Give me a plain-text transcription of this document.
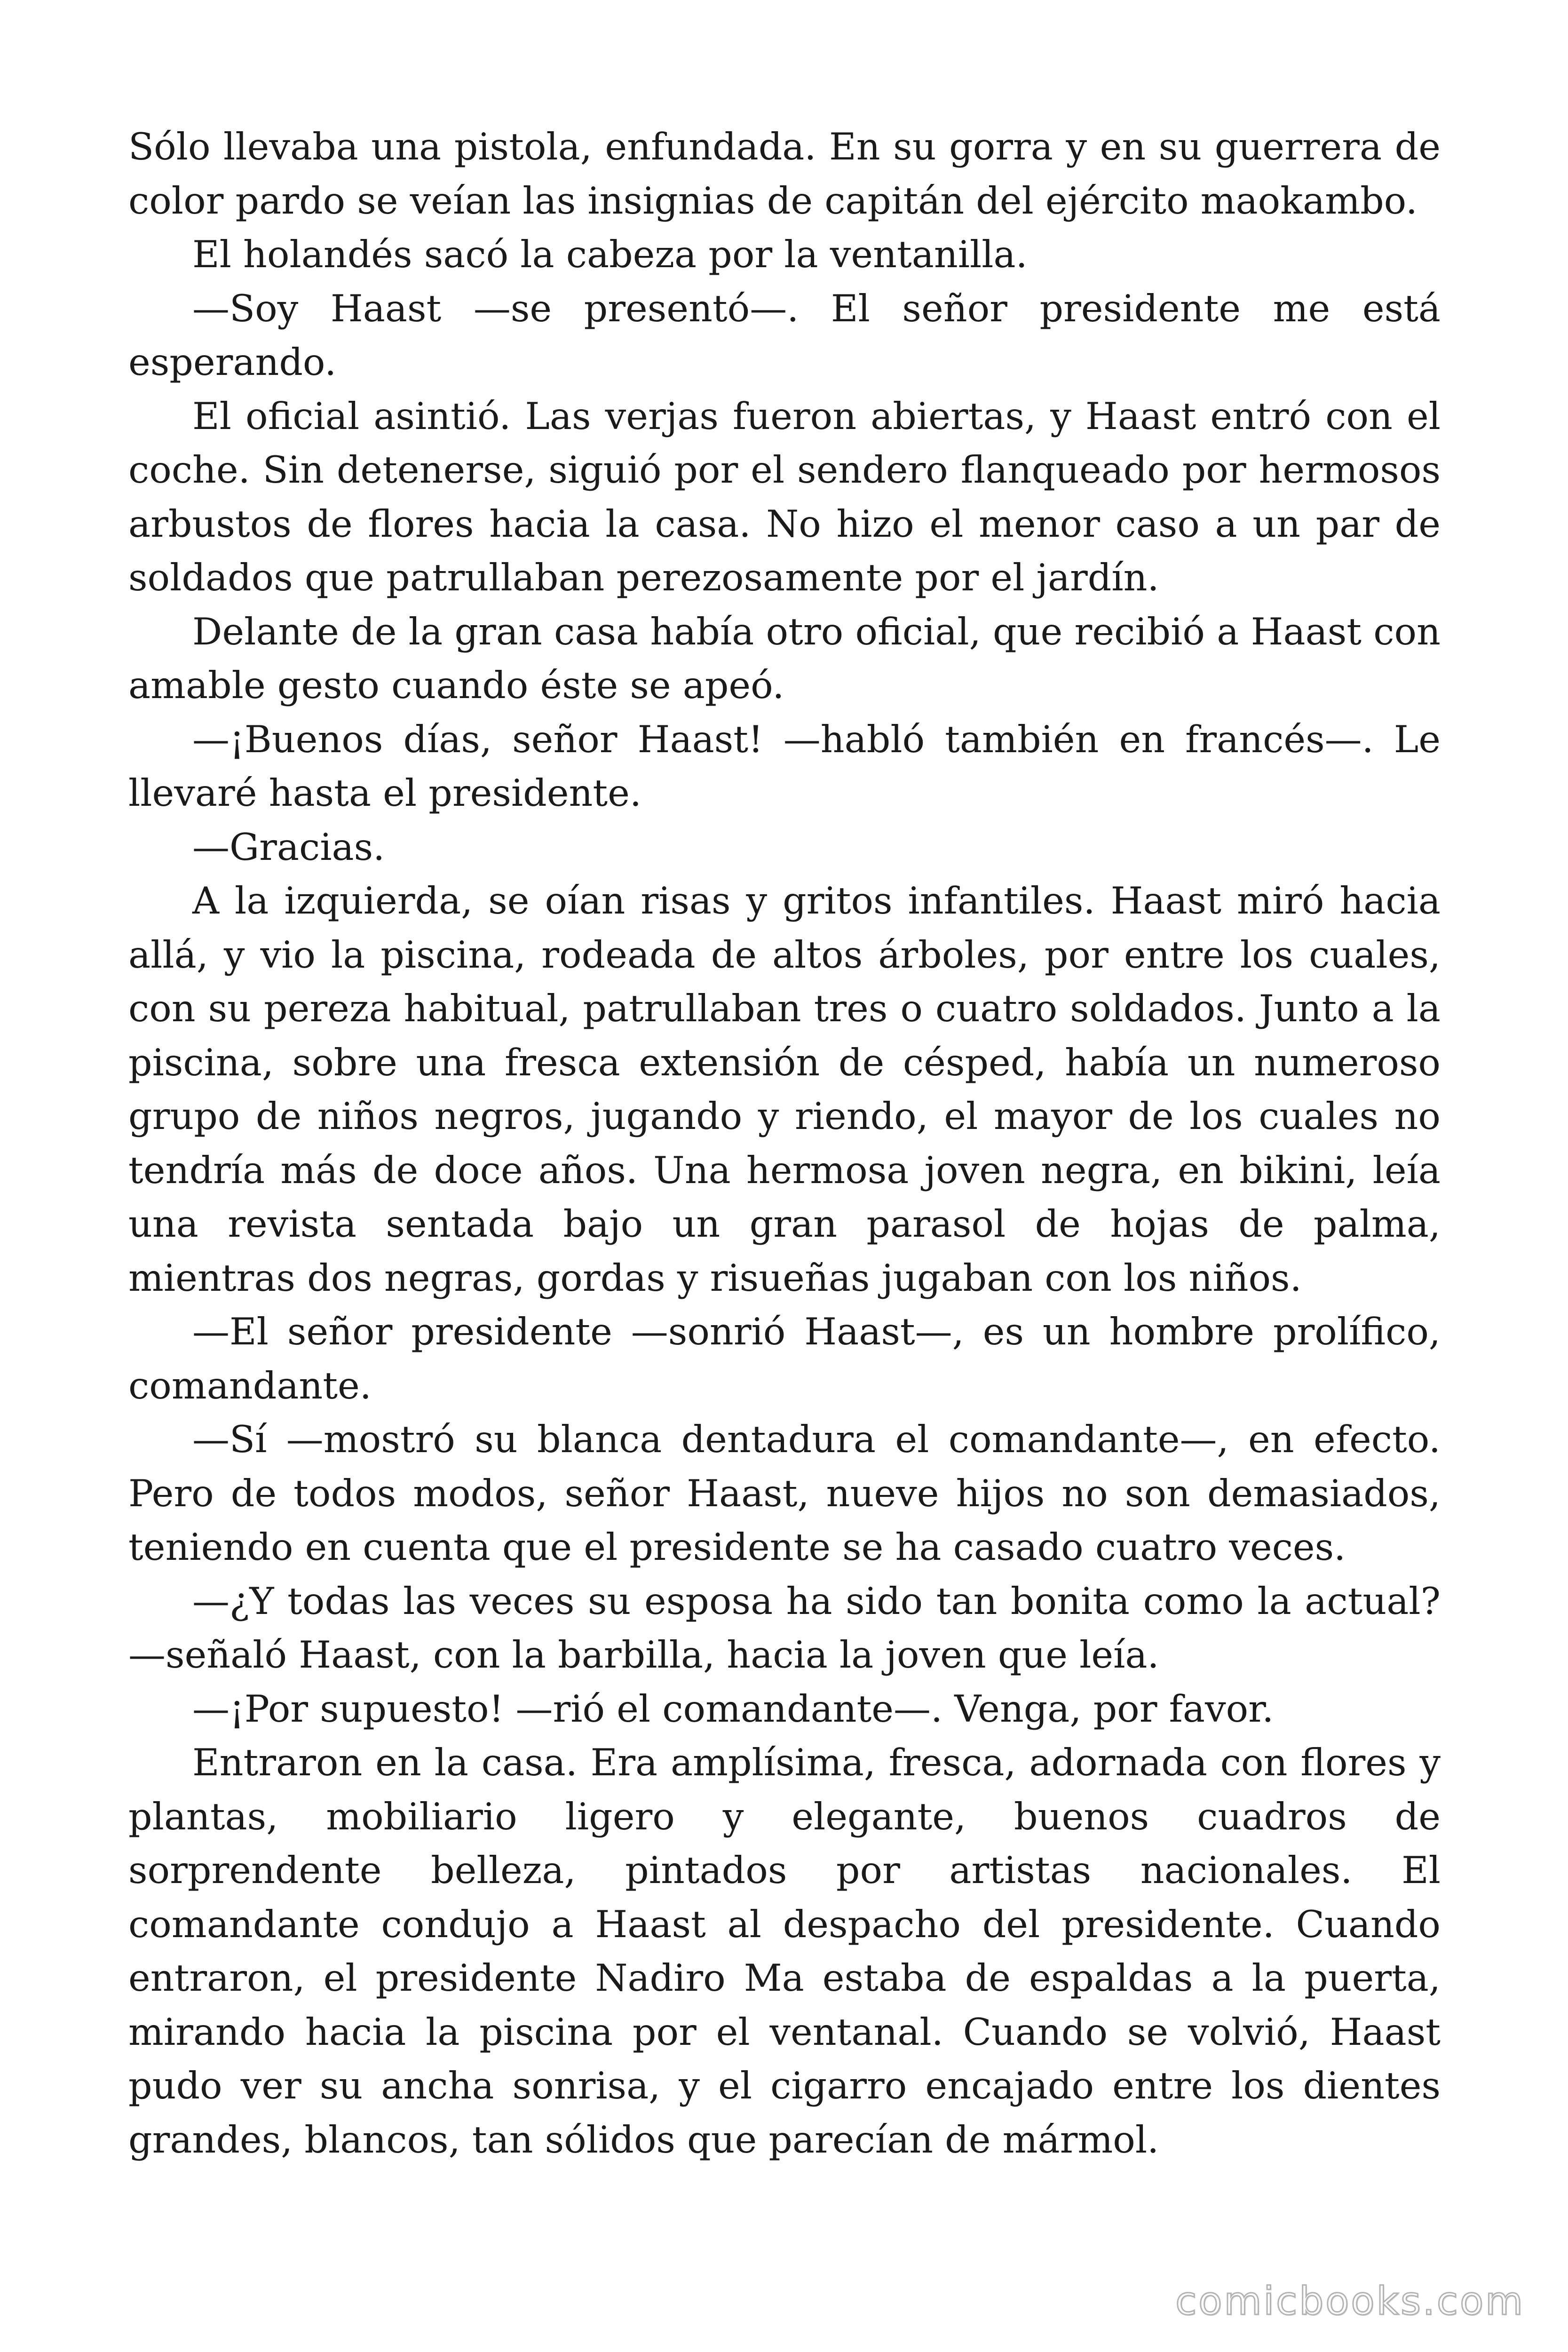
Sólo llevaba una pistola, enfundada. En su gorra y en su guerrera de color pardo se veían las insignias de capitán del ejército maokambo.

El holandés sacó la cabeza por la ventanilla.

—Soy Haast —se presentó—. El señor presidente me está esperando.

El oficial asintió. Las verjas fueron abiertas, y Haast entró con el coche. Sin detenerse, siguió por el sendero flanqueado por hermosos arbustos de flores hacia la casa. No hizo el menor caso a un par de soldados que patrullaban perezosamente por el jardín.

Delante de la gran casa había otro oficial, que recibió a Haast con amable gesto cuando éste se apeó.

—¡Buenos días, señor Haast! —habló también en francés—. Le llevaré hasta el presidente.

—Gracias.

A la izquierda, se oían risas y gritos infantiles. Haast miró hacia allá, y vio la piscina, rodeada de altos árboles, por entre los cuales, con su pereza habitual, patrullaban tres o cuatro soldados. Junto a la piscina, sobre una fresca extensión de césped, había un numeroso grupo de niños negros, jugando y riendo, el mayor de los cuales no tendría más de doce años. Una hermosa joven negra, en bikini, leía una revista sentada bajo un gran parasol de hojas de palma, mientras dos negras, gordas y risueñas jugaban con los niños.

—El señor presidente —sonrió Haast—, es un hombre prolífico, comandante.

—Sí —mostró su blanca dentadura el comandante—, en efecto. Pero de todos modos, señor Haast, nueve hijos no son demasiados, teniendo en cuenta que el presidente se ha casado cuatro veces.

—¿Y todas las veces su esposa ha sido tan bonita como la actual? —señaló Haast, con la barbilla, hacia la joven que leía.

—¡Por supuesto! —rió el comandante—. Venga, por favor.

Entraron en la casa. Era amplísima, fresca, adornada con flores y plantas, mobiliario ligero y elegante, buenos cuadros de sorprendente belleza, pintados por artistas nacionales. El comandante condujo a Haast al despacho del presidente. Cuando entraron, el presidente Nadiro Ma estaba de espaldas a la puerta, mirando hacia la piscina por el ventanal. Cuando se volvió, Haast pudo ver su ancha sonrisa, y el cigarro encajado entre los dientes grandes, blancos, tan sólidos que parecían de mármol.

comicbooks.com
